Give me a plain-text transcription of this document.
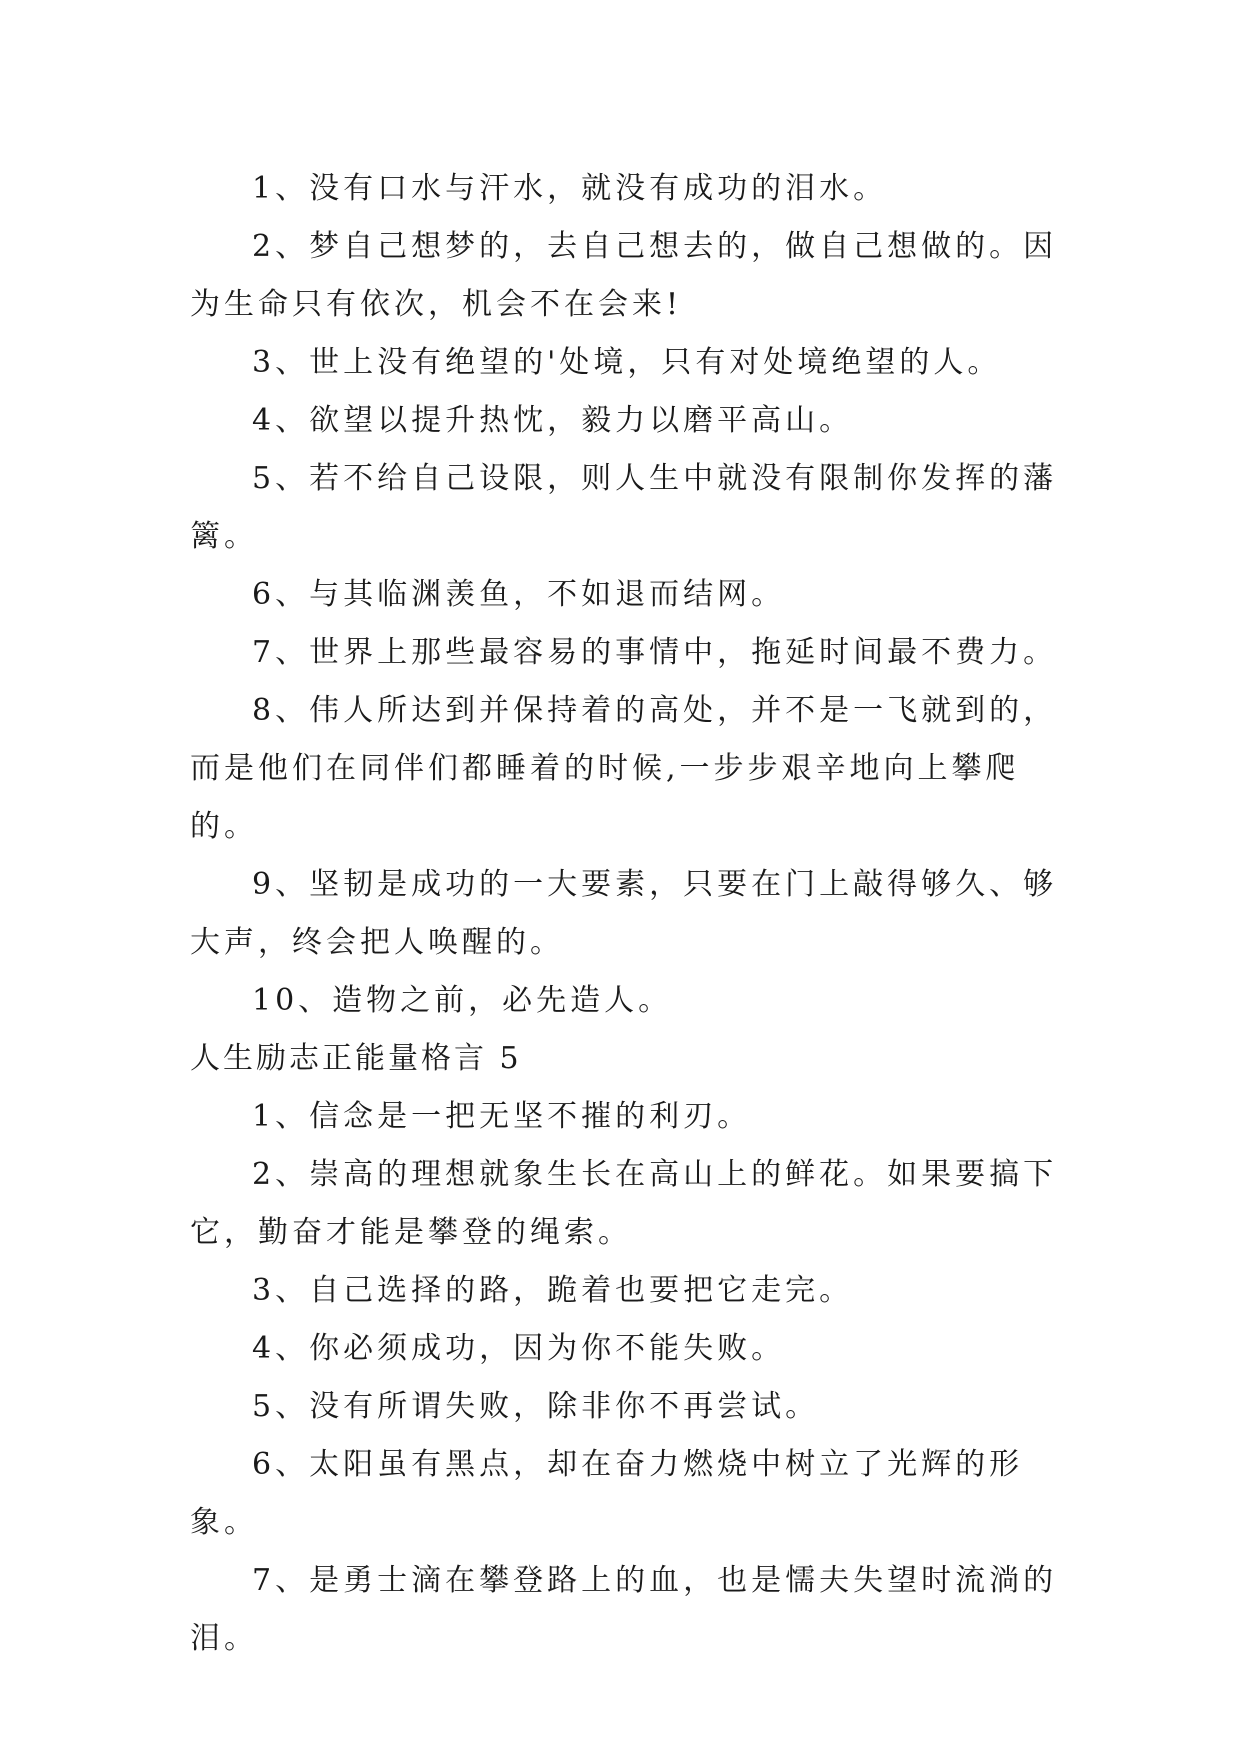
1、没有口水与汗水，就没有成功的泪水。

2、梦自己想梦的，去自己想去的，做自己想做的。因为生命只有依次，机会不在会来!

3、世上没有绝望的'处境，只有对处境绝望的人。

4、欲望以提升热忱，毅力以磨平高山。

5、若不给自己设限，则人生中就没有限制你发挥的藩篱。

6、与其临渊羡鱼，不如退而结网。

7、世界上那些最容易的事情中，拖延时间最不费力。

8、伟人所达到并保持着的高处，并不是一飞就到的，而是他们在同伴们都睡着的时候,一步步艰辛地向上攀爬的。

9、坚韧是成功的一大要素，只要在门上敲得够久、够大声，终会把人唤醒的。

10、造物之前，必先造人。

人生励志正能量格言 5

1、信念是一把无坚不摧的利刃。

2、崇高的理想就象生长在高山上的鲜花。如果要搞下它，勤奋才能是攀登的绳索。

3、自己选择的路，跪着也要把它走完。

4、你必须成功，因为你不能失败。

5、没有所谓失败，除非你不再尝试。

6、太阳虽有黑点，却在奋力燃烧中树立了光辉的形象。

7、是勇士滴在攀登路上的血，也是懦夫失望时流淌的泪。
